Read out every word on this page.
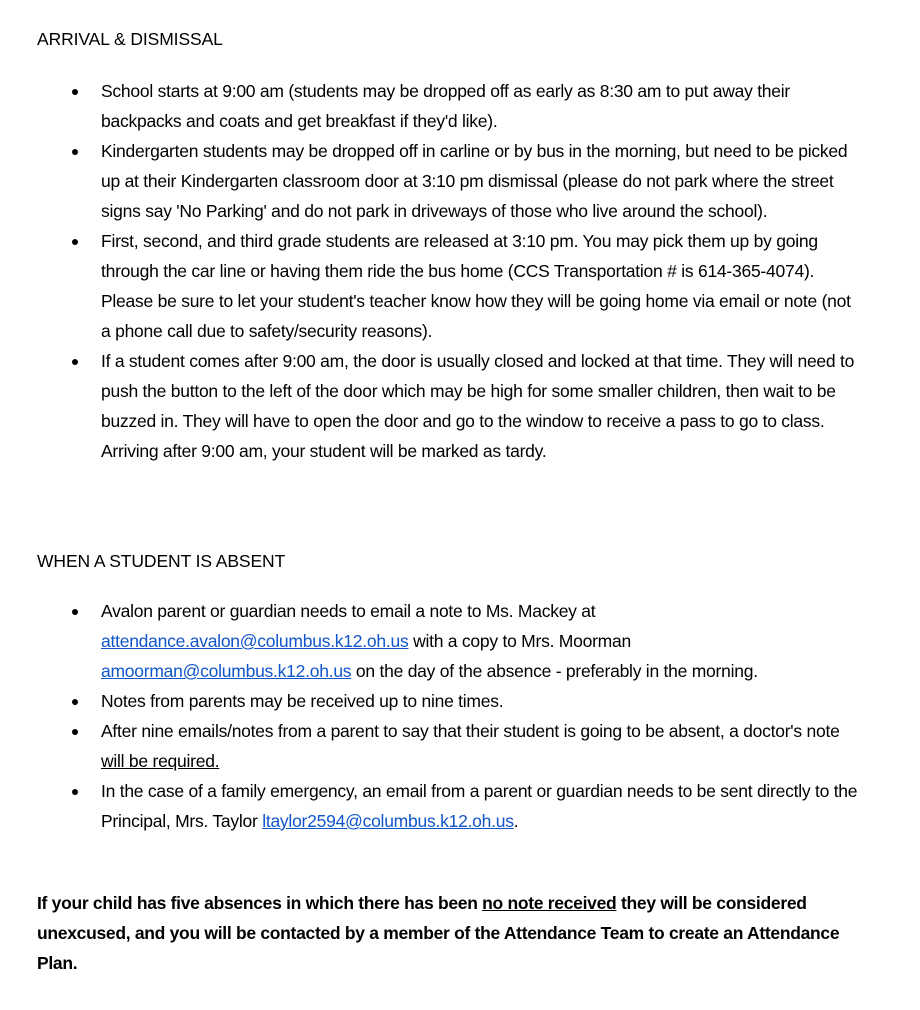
ARRIVAL & DISMISSAL
● School starts at 9:00 am (students may be dropped off as early as 8:30 am to put away their backpacks and coats and get breakfast if they'd like).
● Kindergarten students may be dropped off in carline or by bus in the morning, but need to be picked up at their Kindergarten classroom door at 3:10 pm dismissal (please do not park where the street signs say 'No Parking' and do not park in driveways of those who live around the school).
● First, second, and third grade students are released at 3:10 pm. You may pick them up by going through the car line or having them ride the bus home (CCS Transportation # is 614-365-4074). Please be sure to let your student's teacher know how they will be going home via email or note (not a phone call due to safety/security reasons).
● If a student comes after 9:00 am, the door is usually closed and locked at that time. They will need to push the button to the left of the door which may be high for some smaller children, then wait to be buzzed in. They will have to open the door and go to the window to receive a pass to go to class. Arriving after 9:00 am, your student will be marked as tardy.
WHEN A STUDENT IS ABSENT
● Avalon parent or guardian needs to email a note to Ms. Mackey at attendance.avalon@columbus.k12.oh.us with a copy to Mrs. Moorman amoorman@columbus.k12.oh.us on the day of the absence - preferably in the morning.
● Notes from parents may be received up to nine times.
● After nine emails/notes from a parent to say that their student is going to be absent, a doctor's note will be required.
● In the case of a family emergency, an email from a parent or guardian needs to be sent directly to the Principal, Mrs. Taylor ltaylor2594@columbus.k12.oh.us.
If your child has five absences in which there has been no note received they will be considered unexcused, and you will be contacted by a member of the Attendance Team to create an Attendance Plan.
